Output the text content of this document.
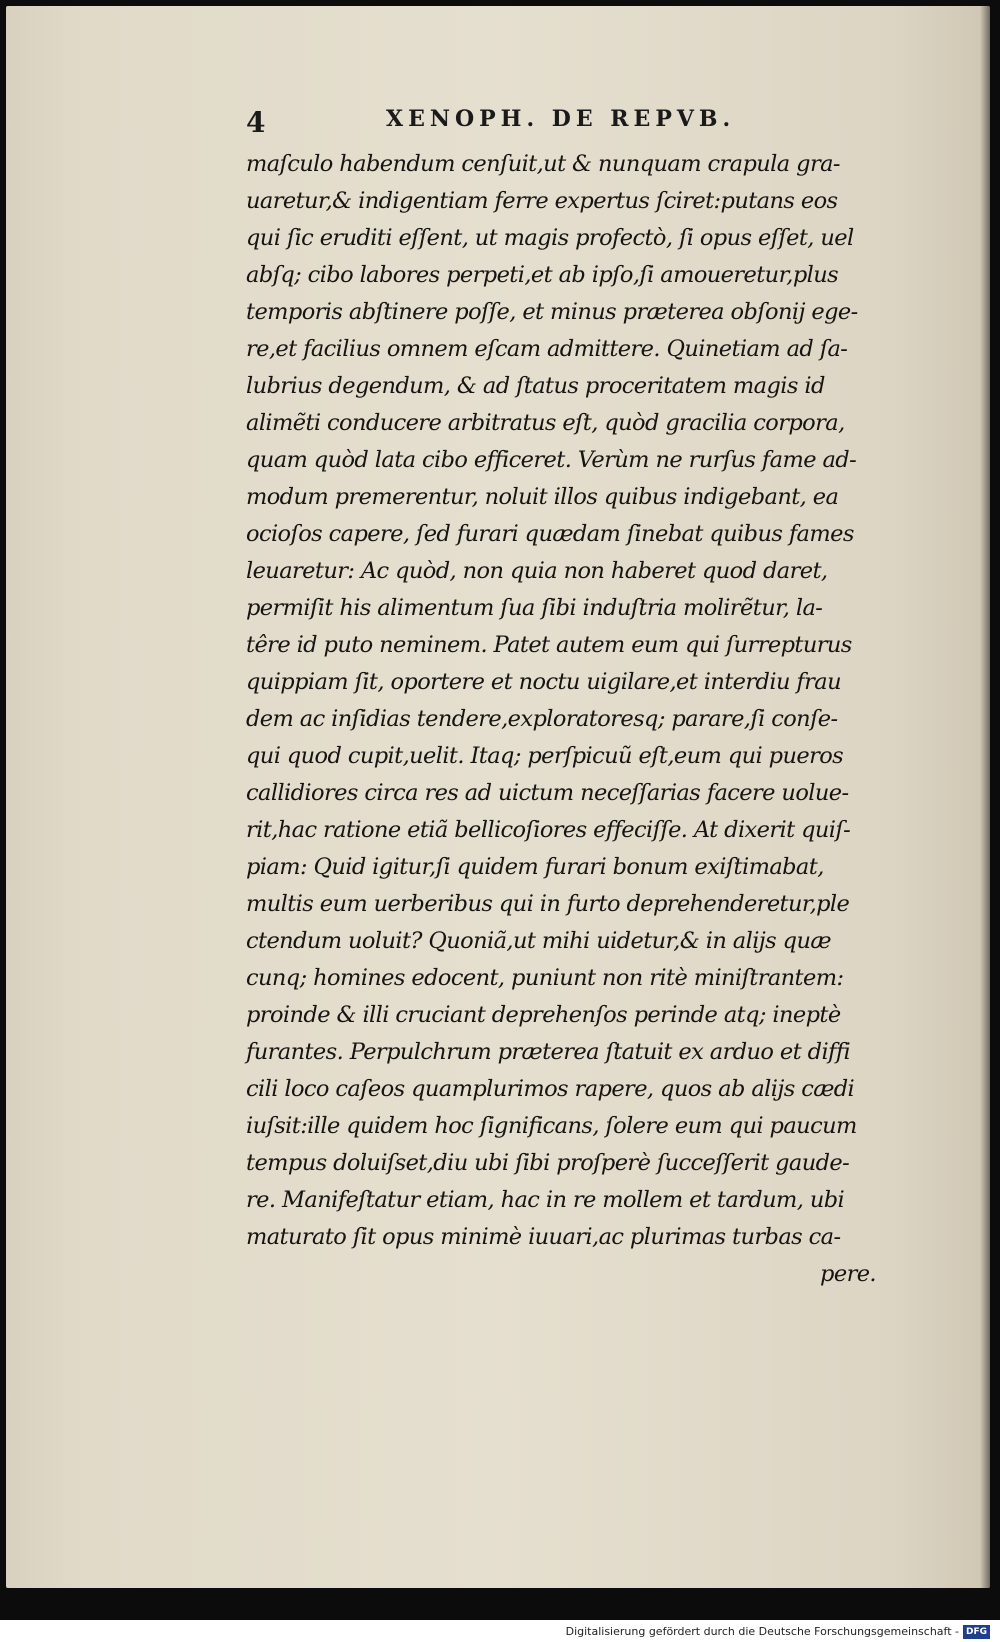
4	XENOPH. DE REPVB.
maſculo habendum cenſuit,ut & nunquam crapula gra-
uaretur,& indigentiam ferre expertus ſciret:putans eos
qui ſic eruditi eſſent, ut magis profectò, ſi opus eſſet, uel
abſq; cibo labores perpeti,et ab ipſo,ſi amoueretur,plus
temporis abſtinere poſſe, et minus præterea obſonij ege-
re,et facilius omnem eſcam admittere. Quinetiam ad ſa-
lubrius degendum, & ad ſtatus proceritatem magis id
alimẽti conducere arbitratus eſt, quòd gracilia corpora,
quam quòd lata cibo efficeret. Verùm ne rurſus fame ad-
modum premerentur, noluit illos quibus indigebant, ea
ocioſos capere, ſed furari quædam ſinebat quibus fames
leuaretur: Ac quòd, non quia non haberet quod daret,
permiſit his alimentum ſua ſibi induſtria molirẽtur, la-
têre id puto neminem. Patet autem eum qui ſurrepturus
quippiam ſit, oportere et noctu uigilare,et interdiu frau
dem ac inſidias tendere,exploratoresq; parare,ſi conſe-
qui quod cupit,uelit. Itaq; perſpicuũ eſt,eum qui pueros
callidiores circa res ad uictum neceſſarias facere uolue-
rit,hac ratione etiã bellicoſiores effeciſſe. At dixerit quiſ-
piam: Quid igitur,ſi quidem furari bonum exiſtimabat,
multis eum uerberibus qui in furto deprehenderetur,ple
ctendum uoluit? Quoniã,ut mihi uidetur,& in alijs quæ
cunq; homines edocent, puniunt non ritè miniſtrantem:
proinde & illi cruciant deprehenſos perinde atq; ineptè
furantes. Perpulchrum præterea ſtatuit ex arduo et diffi
cili loco caſeos quamplurimos rapere, quos ab alijs cædi
iuſsit:ille quidem hoc ſignificans, ſolere eum qui paucum
tempus doluiſset,diu ubi ſibi proſperè ſucceſſerit gaude-
re. Manifeſtatur etiam, hac in re mollem et tardum, ubi
maturato ſit opus minimè iuuari,ac plurimas turbas ca-
pere.
Digitalisierung gefördert durch die Deutsche Forschungsgemeinschaft - DFG
